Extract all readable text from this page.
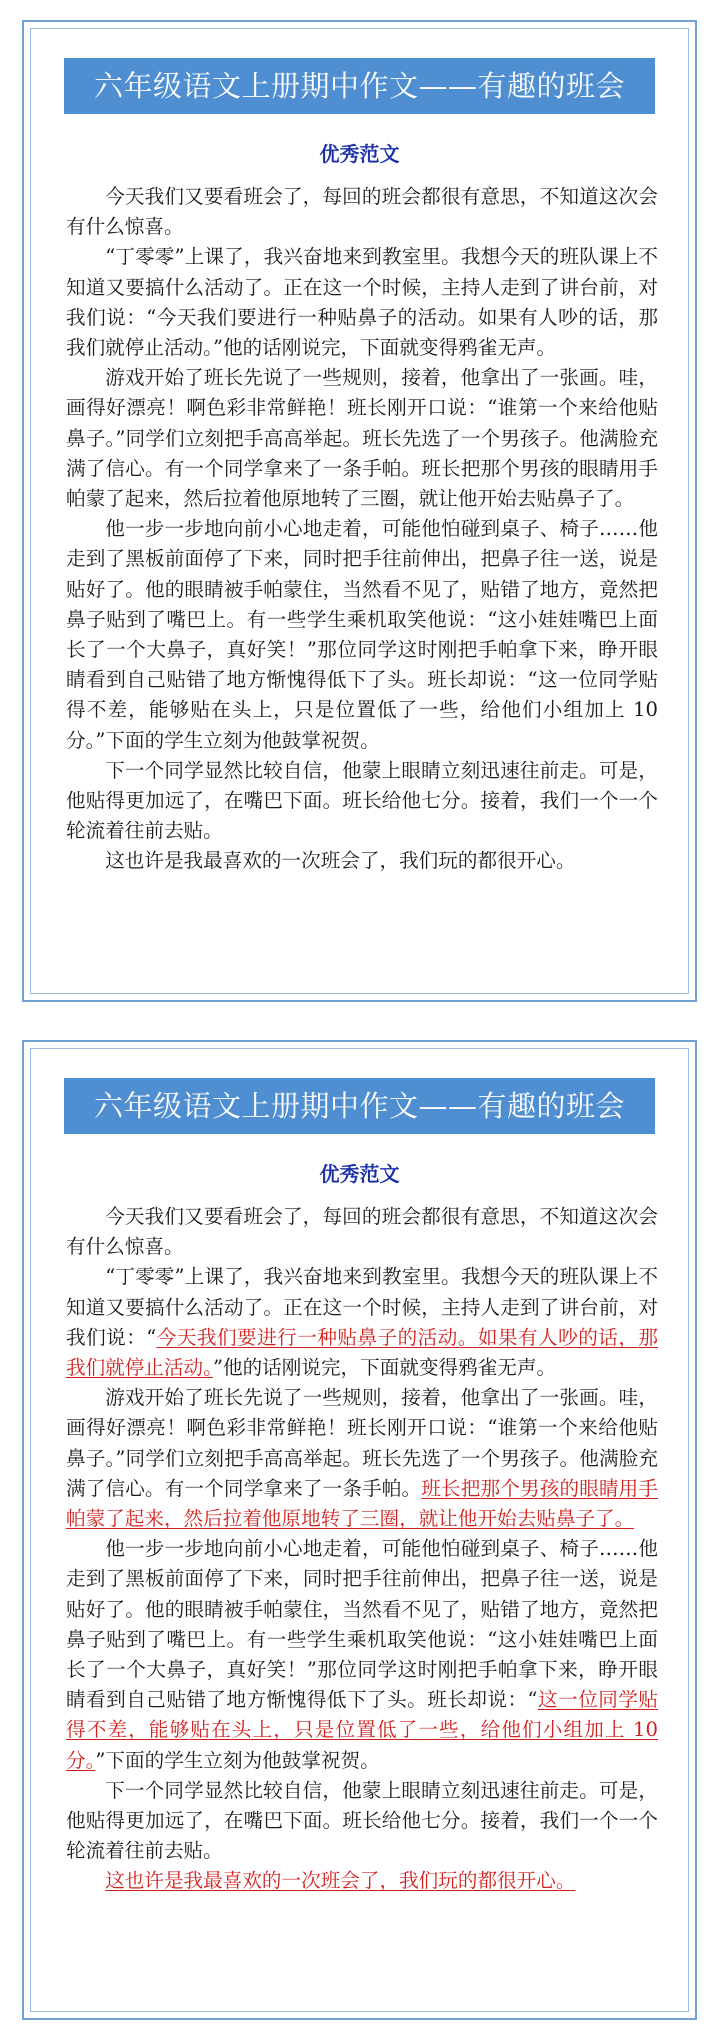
六年级语文上册期中作文——有趣的班会
优秀范文

今天我们又要看班会了，每回的班会都很有意思，不知道这次会有什么惊喜。

“丁零零”上课了，我兴奋地来到教室里。我想今天的班队课上不知道又要搞什么活动了。正在这一个时候，主持人走到了讲台前，对我们说：“今天我们要进行一种贴鼻子的活动。如果有人吵的话，那我们就停止活动。”他的话刚说完，下面就变得鸦雀无声。

游戏开始了班长先说了一些规则，接着，他拿出了一张画。哇，画得好漂亮！啊色彩非常鲜艳！班长刚开口说：“谁第一个来给他贴鼻子。”同学们立刻把手高高举起。班长先选了一个男孩子。他满脸充满了信心。有一个同学拿来了一条手帕。班长把那个男孩的眼睛用手帕蒙了起来，然后拉着他原地转了三圈，就让他开始去贴鼻子了。

他一步一步地向前小心地走着，可能他怕碰到桌子、椅子……他走到了黑板前面停了下来，同时把手往前伸出，把鼻子往一送，说是贴好了。他的眼睛被手帕蒙住，当然看不见了，贴错了地方，竟然把鼻子贴到了嘴巴上。有一些学生乘机取笑他说：“这小娃娃嘴巴上面长了一个大鼻子，真好笑！”那位同学这时刚把手帕拿下来，睁开眼睛看到自己贴错了地方惭愧得低下了头。班长却说：“这一位同学贴得不差，能够贴在头上，只是位置低了一些，给他们小组加上 10 分。”下面的学生立刻为他鼓掌祝贺。

下一个同学显然比较自信，他蒙上眼睛立刻迅速往前走。可是，他贴得更加远了，在嘴巴下面。班长给他七分。接着，我们一个一个轮流着往前去贴。

这也许是我最喜欢的一次班会了，我们玩的都很开心。

六年级语文上册期中作文——有趣的班会
优秀范文

今天我们又要看班会了，每回的班会都很有意思，不知道这次会有什么惊喜。

“丁零零”上课了，我兴奋地来到教室里。我想今天的班队课上不知道又要搞什么活动了。正在这一个时候，主持人走到了讲台前，对我们说：“今天我们要进行一种贴鼻子的活动。如果有人吵的话，那我们就停止活动。”他的话刚说完，下面就变得鸦雀无声。

游戏开始了班长先说了一些规则，接着，他拿出了一张画。哇，画得好漂亮！啊色彩非常鲜艳！班长刚开口说：“谁第一个来给他贴鼻子。”同学们立刻把手高高举起。班长先选了一个男孩子。他满脸充满了信心。有一个同学拿来了一条手帕。班长把那个男孩的眼睛用手帕蒙了起来，然后拉着他原地转了三圈，就让他开始去贴鼻子了。

他一步一步地向前小心地走着，可能他怕碰到桌子、椅子……他走到了黑板前面停了下来，同时把手往前伸出，把鼻子往一送，说是贴好了。他的眼睛被手帕蒙住，当然看不见了，贴错了地方，竟然把鼻子贴到了嘴巴上。有一些学生乘机取笑他说：“这小娃娃嘴巴上面长了一个大鼻子，真好笑！”那位同学这时刚把手帕拿下来，睁开眼睛看到自己贴错了地方惭愧得低下了头。班长却说：“这一位同学贴得不差，能够贴在头上，只是位置低了一些，给他们小组加上 10 分。”下面的学生立刻为他鼓掌祝贺。

下一个同学显然比较自信，他蒙上眼睛立刻迅速往前走。可是，他贴得更加远了，在嘴巴下面。班长给他七分。接着，我们一个一个轮流着往前去贴。

这也许是我最喜欢的一次班会了，我们玩的都很开心。
